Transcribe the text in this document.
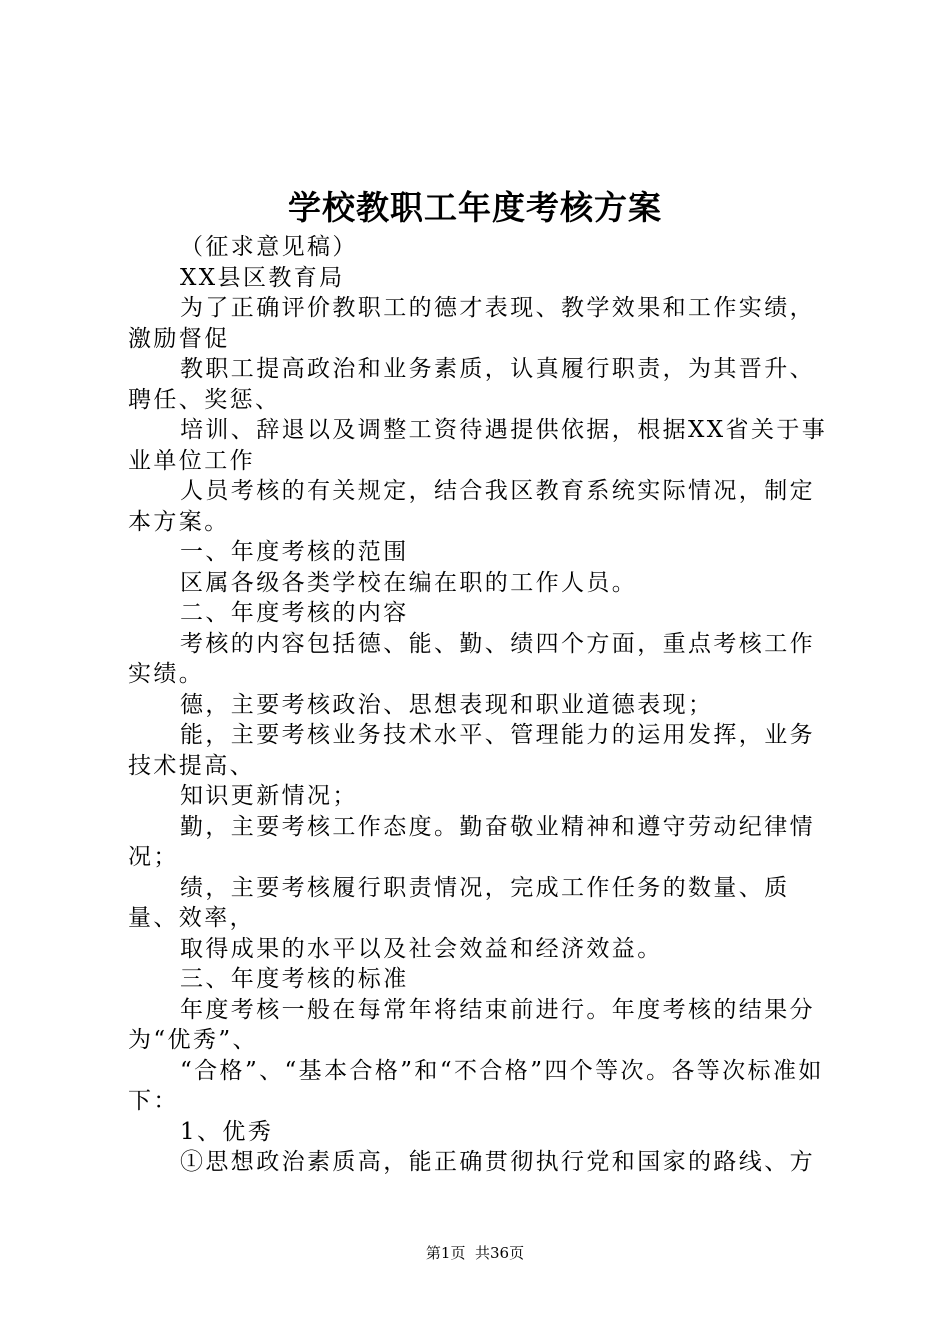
学校教职工年度考核方案

（征求意见稿）

XX县区教育局

为了正确评价教职工的德才表现、教学效果和工作实绩，激励督促

教职工提高政治和业务素质，认真履行职责，为其晋升、聘任、奖惩、

培训、辞退以及调整工资待遇提供依据，根据XX省关于事业单位工作

人员考核的有关规定，结合我区教育系统实际情况，制定本方案。

一、年度考核的范围

区属各级各类学校在编在职的工作人员。

二、年度考核的内容

考核的内容包括德、能、勤、绩四个方面，重点考核工作实绩。

德，主要考核政治、思想表现和职业道德表现；

能，主要考核业务技术水平、管理能力的运用发挥，业务技术提高、

知识更新情况；

勤，主要考核工作态度。勤奋敬业精神和遵守劳动纪律情况；

绩，主要考核履行职责情况，完成工作任务的数量、质量、效率，

取得成果的水平以及社会效益和经济效益。

三、年度考核的标准

年度考核一般在每常年将结束前进行。年度考核的结果分为“优秀”、

“合格”、“基本合格”和“不合格”四个等次。各等次标准如下：

1、优秀

①思想政治素质高，能正确贯彻执行党和国家的路线、方

第1页 共36页
